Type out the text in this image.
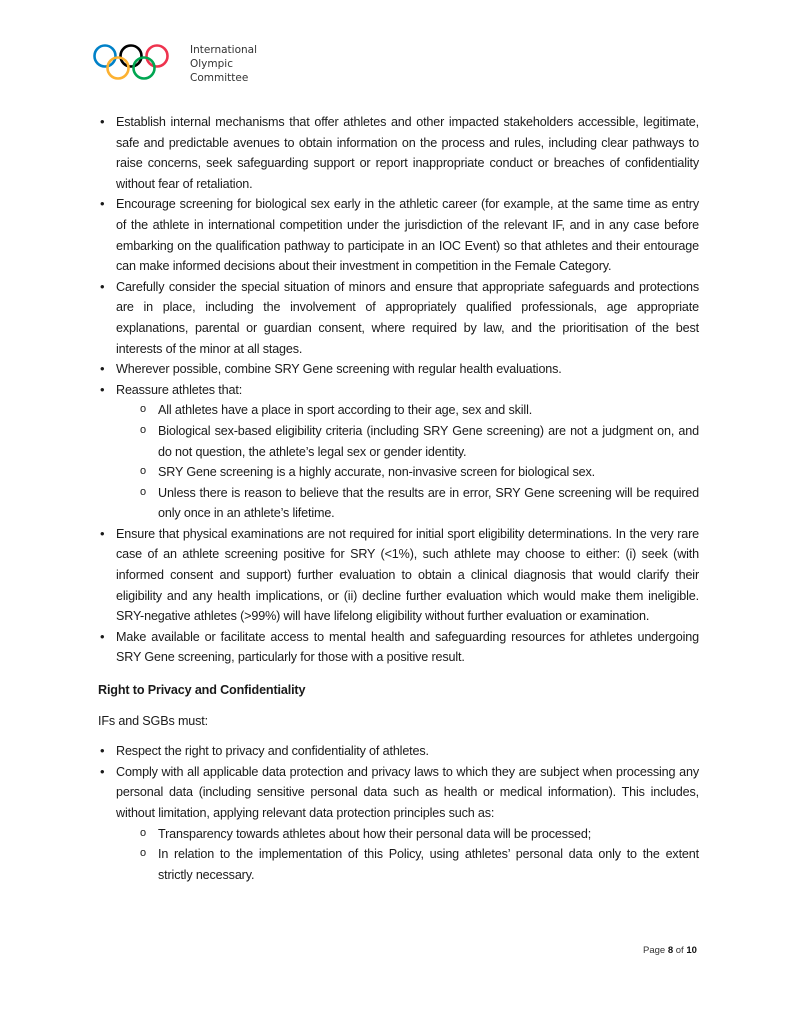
International
Olympic
Committee
• Establish internal mechanisms that offer athletes and other impacted stakeholders accessible, legitimate, safe and predictable avenues to obtain information on the process and rules, including clear pathways to raise concerns, seek safeguarding support or report inappropriate conduct or breaches of confidentiality without fear of retaliation.
• Encourage screening for biological sex early in the athletic career (for example, at the same time as entry of the athlete in international competition under the jurisdiction of the relevant IF, and in any case before embarking on the qualification pathway to participate in an IOC Event) so that athletes and their entourage can make informed decisions about their investment in competition in the Female Category.
• Carefully consider the special situation of minors and ensure that appropriate safeguards and protections are in place, including the involvement of appropriately qualified professionals, age appropriate explanations, parental or guardian consent, where required by law, and the prioritisation of the best interests of the minor at all stages.
• Wherever possible, combine SRY Gene screening with regular health evaluations.
• Reassure athletes that:
o All athletes have a place in sport according to their age, sex and skill.
o Biological sex-based eligibility criteria (including SRY Gene screening) are not a judgment on, and do not question, the athlete’s legal sex or gender identity.
o SRY Gene screening is a highly accurate, non-invasive screen for biological sex.
o Unless there is reason to believe that the results are in error, SRY Gene screening will be required only once in an athlete’s lifetime.
• Ensure that physical examinations are not required for initial sport eligibility determinations. In the very rare case of an athlete screening positive for SRY (<1%), such athlete may choose to either: (i) seek (with informed consent and support) further evaluation to obtain a clinical diagnosis that would clarify their eligibility and any health implications, or (ii) decline further evaluation which would make them ineligible. SRY-negative athletes (>99%) will have lifelong eligibility without further evaluation or examination.
• Make available or facilitate access to mental health and safeguarding resources for athletes undergoing SRY Gene screening, particularly for those with a positive result.
Right to Privacy and Confidentiality
IFs and SGBs must:
• Respect the right to privacy and confidentiality of athletes.
• Comply with all applicable data protection and privacy laws to which they are subject when processing any personal data (including sensitive personal data such as health or medical information). This includes, without limitation, applying relevant data protection principles such as:
o Transparency towards athletes about how their personal data will be processed;
o In relation to the implementation of this Policy, using athletes’ personal data only to the extent strictly necessary.
Page 8 of 10
